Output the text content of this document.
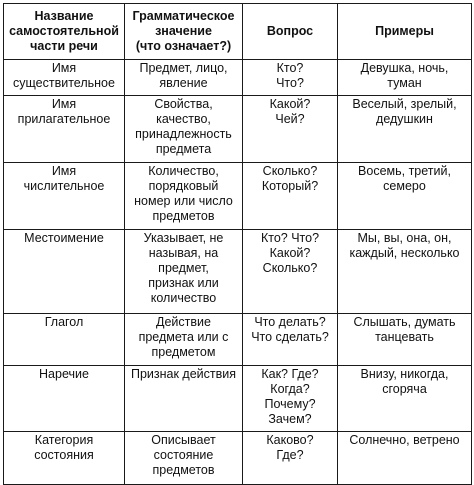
Название
самостоятельной
части речи	Грамматическое
значение
(что означает?)	Вопрос	Примеры

Имя
существительное	Предмет, лицо,
явление	Кто?
Что?	Девушка, ночь,
туман

Имя
прилагательное	Свойства,
качество,
принадлежность
предмета	Какой?
Чей?	Веселый, зрелый,
дедушкин

Имя
числительное	Количество,
порядковый
номер или число
предметов	Сколько?
Который?	Восемь, третий,
семеро

Местоимение	Указывает, не
называя, на
предмет,
признак или
количество	Кто? Что?
Какой?
Сколько?	Мы, вы, она, он,
каждый, несколько

Глагол	Действие
предмета или с
предметом	Что делать?
Что сделать?	Слышать, думать
танцевать

Наречие	Признак действия	Как? Где?
Когда?
Почему?
Зачем?	Внизу, никогда,
сгоряча

Категория
состояния	Описывает
состояние
предметов	Каково?
Где?	Солнечно, ветрено
